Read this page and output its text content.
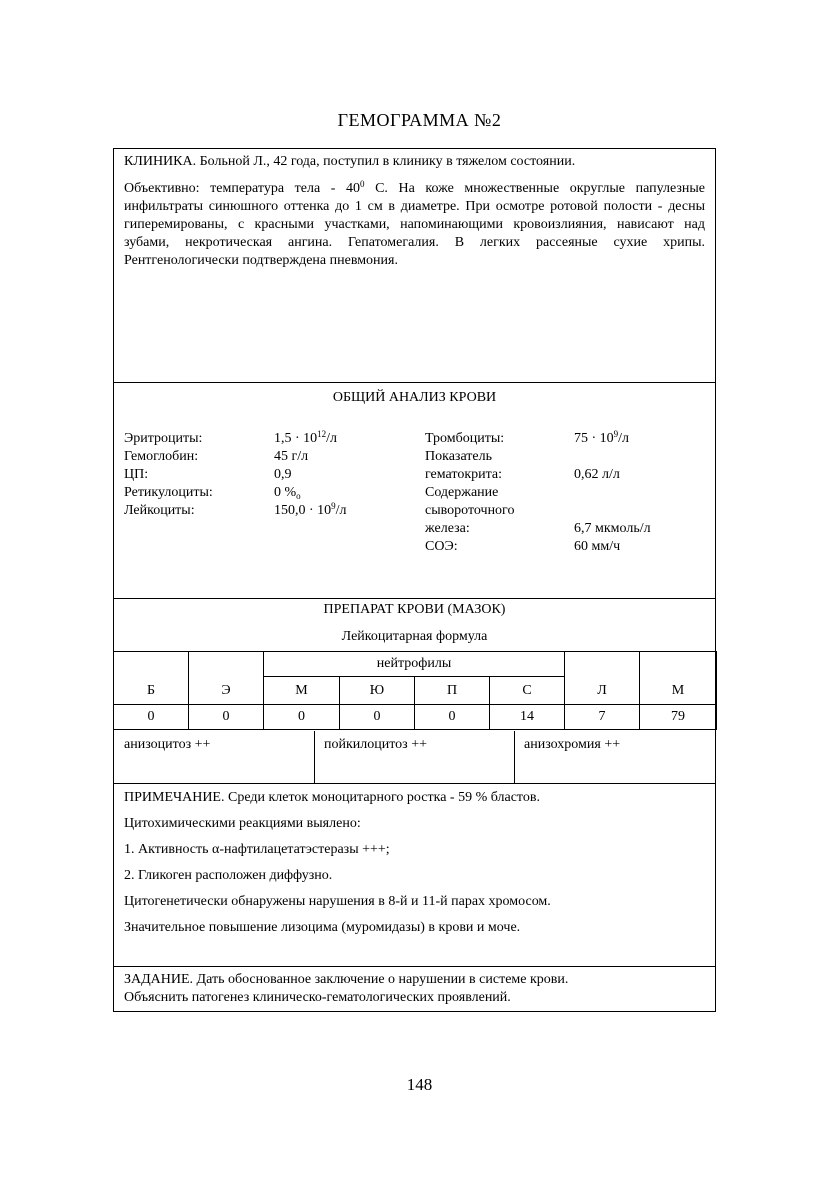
ГЕМОГРАММА №2

КЛИНИКА. Больной Л., 42 года, поступил в клинику в тяжелом состоянии.

Объективно: температура тела - $40^0$ С. На коже множественные округлые папулезные инфильтраты синюшного оттенка до 1 см в диаметре. При осмотре ротовой полости - десны гиперемированы, с красными участками, напоминающими кровоизлияния, нависают над зубами, некротическая ангина. Гепатомегалия. В легких рассеяные сухие хрипы. Рентгенологически подтверждена пневмония.

ОБЩИЙ АНАЛИЗ КРОВИ
Эритроциты:	$1,5 \cdot 10^{12}/л$
Гемоглобин:	45 г/л
ЦП:	0,9
Ретикулоциты:	0 $\%_o$
Лейкоциты:	$150,0 \cdot 10^9/л$
Тромбоциты:	$75 \cdot 10^9/л$
Показатель
гематокрита:	0,62 л/л
Содержание
сывороточного
железа:	6,7 мкмоль/л
СОЭ:	60 мм/ч
ПРЕПАРАТ КРОВИ (МАЗОК)
Лейкоцитарная формула
Б	Э	нейтрофилы				Л	М
		М	Ю	П	С		
0	0	0	0	0	14	7	79
анизоцитоз ++	пойкилоцитоз ++	анизохромия ++

ПРИМЕЧАНИЕ. Среди клеток моноцитарного ростка - 59 % бластов.

Цитохимическими реакциями выялено:

1. Активность α-нафтилацетатэстеразы +++;

2. Гликоген расположен диффузно.

Цитогенетически обнаружены нарушения в 8-й и 11-й парах хромосом.

Значительное повышение лизоцима (муромидазы) в крови и моче.

ЗАДАНИЕ. Дать обоснованное заключение о нарушении в системе крови.

Объяснить патогенез клиническо-гематологических проявлений.

148
